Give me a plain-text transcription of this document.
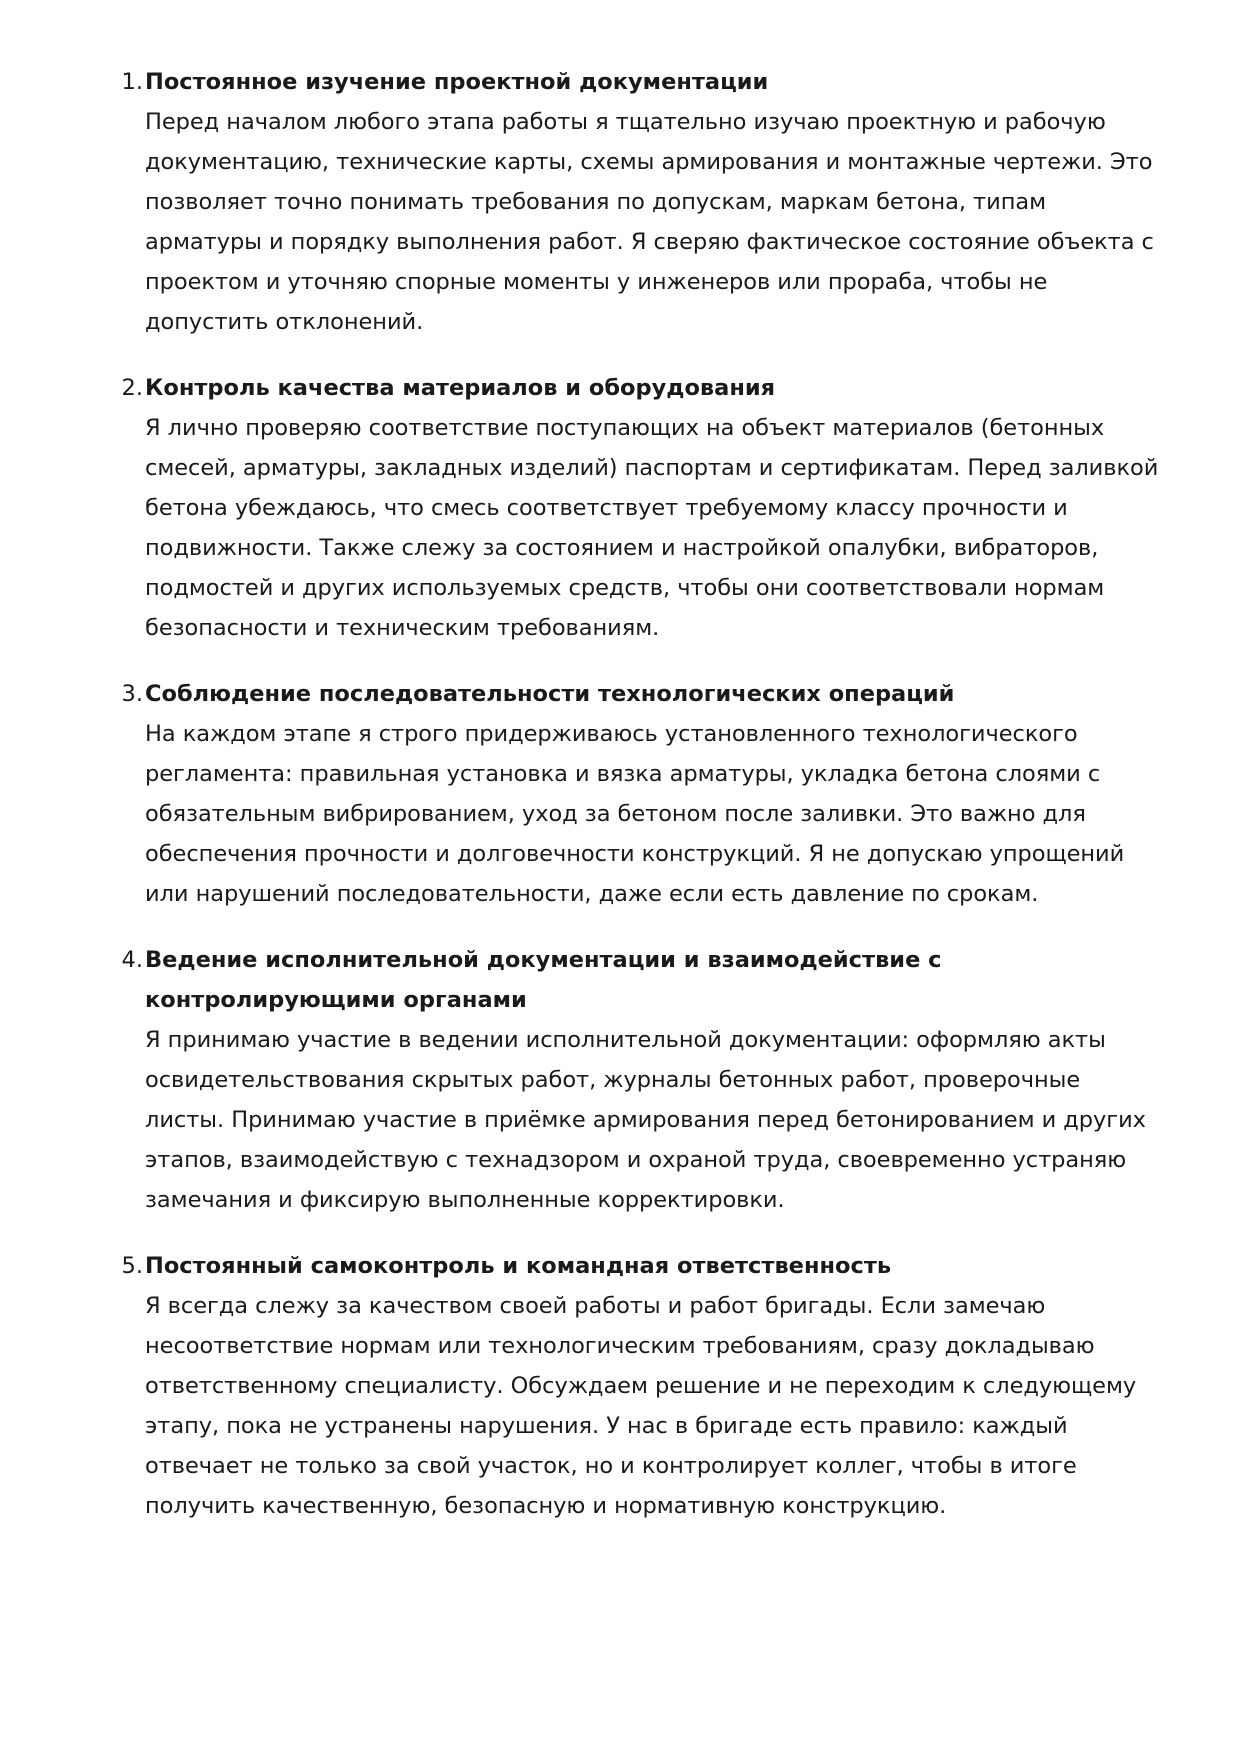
1. Постоянное изучение проектной документации

Перед началом любого этапа работы я тщательно изучаю проектную и рабочую документацию, технические карты, схемы армирования и монтажные чертежи. Это позволяет точно понимать требования по допускам, маркам бетона, типам арматуры и порядку выполнения работ. Я сверяю фактическое состояние объекта с проектом и уточняю спорные моменты у инженеров или прораба, чтобы не допустить отклонений.

2. Контроль качества материалов и оборудования

Я лично проверяю соответствие поступающих на объект материалов (бетонных смесей, арматуры, закладных изделий) паспортам и сертификатам. Перед заливкой бетона убеждаюсь, что смесь соответствует требуемому классу прочности и подвижности. Также слежу за состоянием и настройкой опалубки, вибраторов, подмостей и других используемых средств, чтобы они соответствовали нормам безопасности и техническим требованиям.

3. Соблюдение последовательности технологических операций

На каждом этапе я строго придерживаюсь установленного технологического регламента: правильная установка и вязка арматуры, укладка бетона слоями с обязательным вибрированием, уход за бетоном после заливки. Это важно для обеспечения прочности и долговечности конструкций. Я не допускаю упрощений или нарушений последовательности, даже если есть давление по срокам.

4. Ведение исполнительной документации и взаимодействие с контролирующими органами

Я принимаю участие в ведении исполнительной документации: оформляю акты освидетельствования скрытых работ, журналы бетонных работ, проверочные листы. Принимаю участие в приёмке армирования перед бетонированием и других этапов, взаимодействую с технадзором и охраной труда, своевременно устраняю замечания и фиксирую выполненные корректировки.

5. Постоянный самоконтроль и командная ответственность

Я всегда слежу за качеством своей работы и работ бригады. Если замечаю несоответствие нормам или технологическим требованиям, сразу докладываю ответственному специалисту. Обсуждаем решение и не переходим к следующему этапу, пока не устранены нарушения. У нас в бригаде есть правило: каждый отвечает не только за свой участок, но и контролирует коллег, чтобы в итоге получить качественную, безопасную и нормативную конструкцию.
